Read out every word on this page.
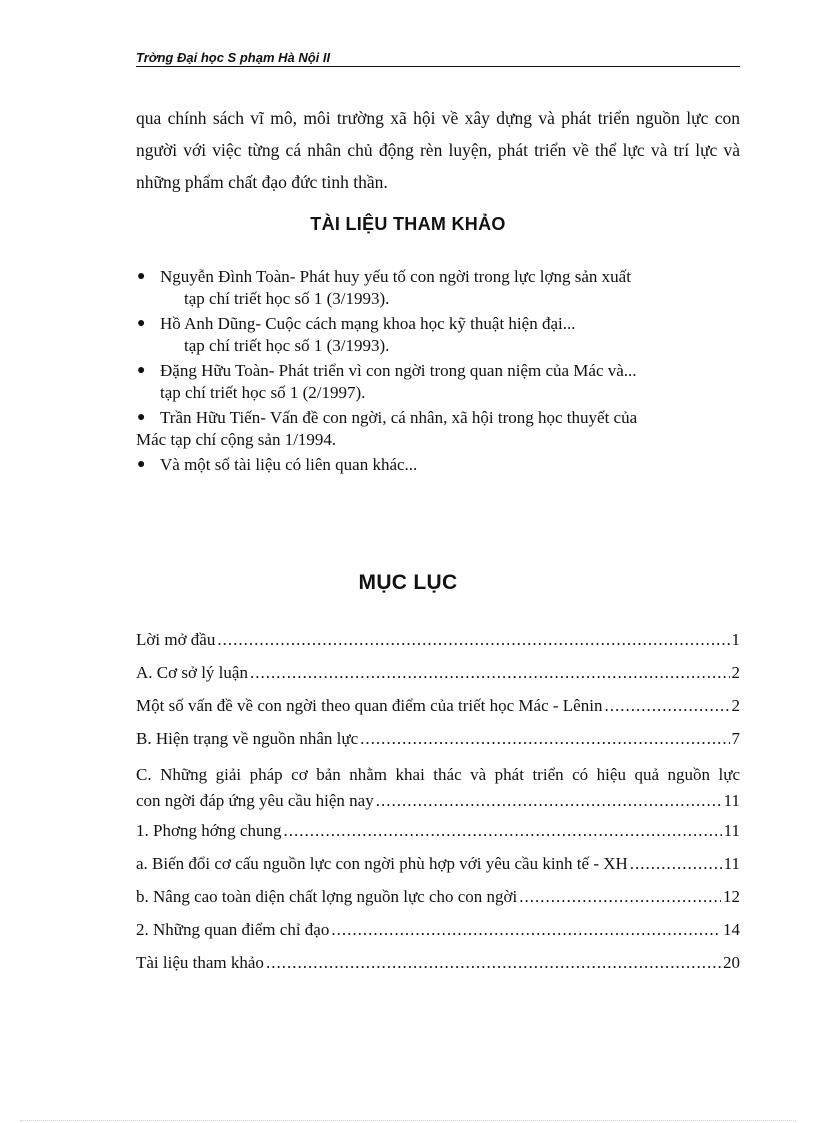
Trờng Đại học S phạm Hà Nội II
qua chính sách vĩ mô, môi trường xã hội về xây dựng và phát triển nguồn lực con người với việc từng cá nhân chủ động rèn luyện, phát triển về thể lực và trí lực và những phẩm chất đạo đức tinh thần.
TÀI LIỆU THAM KHẢO
● Nguyễn Đình Toàn- Phát huy yếu tố con ngời trong lực lợng sản xuất
tạp chí triết học số 1 (3/1993).
● Hồ Anh Dũng- Cuộc cách mạng khoa học kỹ thuật hiện đại...
tạp chí triết học số 1 (3/1993).
● Đặng Hữu Toàn- Phát triển vì con ngời trong quan niệm của Mác và...
tạp chí triết học số 1 (2/1997).
● Trần Hữu Tiến- Vấn đề con ngời, cá nhân, xã hội trong học thuyết của
Mác tạp chí cộng sản 1/1994.
● Và một số tài liệu có liên quan khác...
MỤC LỤC
Lời mở đầu .....	1
A. Cơ sở lý luận .....	2
Một số vấn đề về con ngời theo quan điểm của triết học Mác - Lênin .....	2
B. Hiện trạng về nguồn nhân lực .....	7
C. Những giải pháp cơ bản nhằm khai thác và phát triển có hiệu quả nguồn lực
con ngời đáp ứng yêu cầu hiện nay .....	11
1. Phơng hớng chung .....	11
a. Biến đổi cơ cấu nguồn lực con ngời phù hợp với yêu cầu kinh tế - XH .....	11
b. Nâng cao toàn diện chất lợng nguồn lực cho con ngời .....	12
2. Những quan điểm chỉ đạo .....	14
Tài liệu tham khảo .....	20
